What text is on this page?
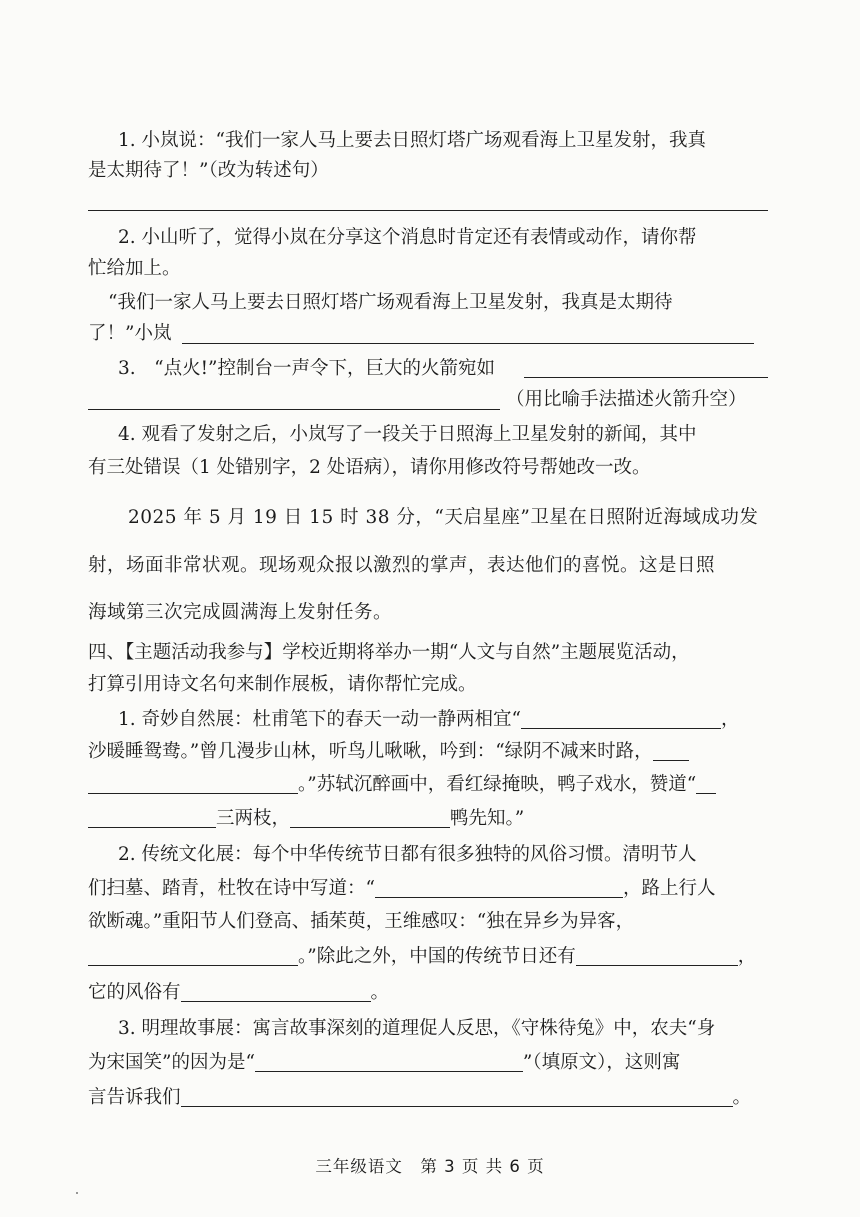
1. 小岚说：“我们一家人马上要去日照灯塔广场观看海上卫星发射，我真
是太期待了！”（改为转述句）
2. 小山听了，觉得小岚在分享这个消息时肯定还有表情或动作，请你帮
忙给加上。
“我们一家人马上要去日照灯塔广场观看海上卫星发射，我真是太期待
了！”小岚
3.　“点火!”控制台一声令下，巨大的火箭宛如
（用比喻手法描述火箭升空）
4. 观看了发射之后，小岚写了一段关于日照海上卫星发射的新闻，其中
有三处错误（1 处错别字，2 处语病），请你用修改符号帮她改一改。
2025 年 5 月 19 日 15 时 38 分，“天启星座”卫星在日照附近海域成功发
射，场面非常状观。现场观众报以激烈的掌声，表达他们的喜悦。这是日照
海域第三次完成圆满海上发射任务。
四、【主题活动我参与】学校近期将举办一期“人文与自然”主题展览活动，
打算引用诗文名句来制作展板，请你帮忙完成。
1. 奇妙自然展：杜甫笔下的春天一动一静两相宜“	，
沙暖睡鸳鸯。”曾几漫步山林，听鸟儿啾啾，吟到：“绿阴不减来时路，
。”苏轼沉醉画中，看红绿掩映，鸭子戏水，赞道“
三两枝，	鸭先知。”
2. 传统文化展：每个中华传统节日都有很多独特的风俗习惯。清明节人
们扫墓、踏青，杜牧在诗中写道：“	，路上行人
欲断魂。”重阳节人们登高、插茱萸，王维感叹：“独在异乡为异客，
。”除此之外，中国的传统节日还有	，
它的风俗有	。
3. 明理故事展：寓言故事深刻的道理促人反思，《守株待兔》中，农夫“身
为宋国笑”的因为是“	”（填原文），这则寓
言告诉我们	。
三年级语文　第 3 页 共 6 页
